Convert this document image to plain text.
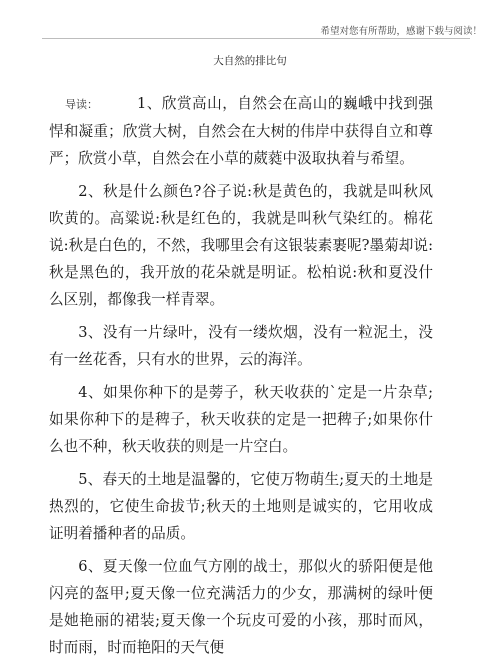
希望对您有所帮助，感谢下载与阅读！
大自然的排比句

导读：	1、欣赏高山，自然会在高山的巍峨中找到强悍和凝重；欣赏大树，自然会在大树的伟岸中获得自立和尊严；欣赏小草，自然会在小草的葳蕤中汲取执着与希望。

2、秋是什么颜色?谷子说:秋是黄色的，我就是叫秋风吹黄的。高粱说:秋是红色的，我就是叫秋气染红的。棉花说:秋是白色的，不然，我哪里会有这银装素裹呢?墨菊却说:秋是黑色的，我开放的花朵就是明证。松柏说:秋和夏没什么区别，都像我一样青翠。

3、没有一片绿叶，没有一缕炊烟，没有一粒泥土，没有一丝花香，只有水的世界，云的海洋。

4、如果你种下的是蒡子，秋天收获的`定是一片杂草;如果你种下的是稗子，秋天收获的定是一把稗子;如果你什么也不种，秋天收获的则是一片空白。

5、春天的土地是温馨的，它使万物萌生;夏天的土地是热烈的，它使生命拔节;秋天的土地则是诚实的，它用收成证明着播种者的品质。

6、夏天像一位血气方刚的战士，那似火的骄阳便是他闪亮的盔甲;夏天像一位充满活力的少女，那满树的绿叶便是她艳丽的裙装;夏天像一个玩皮可爱的小孩，那时而风，时而雨，时而艳阳的天气便
